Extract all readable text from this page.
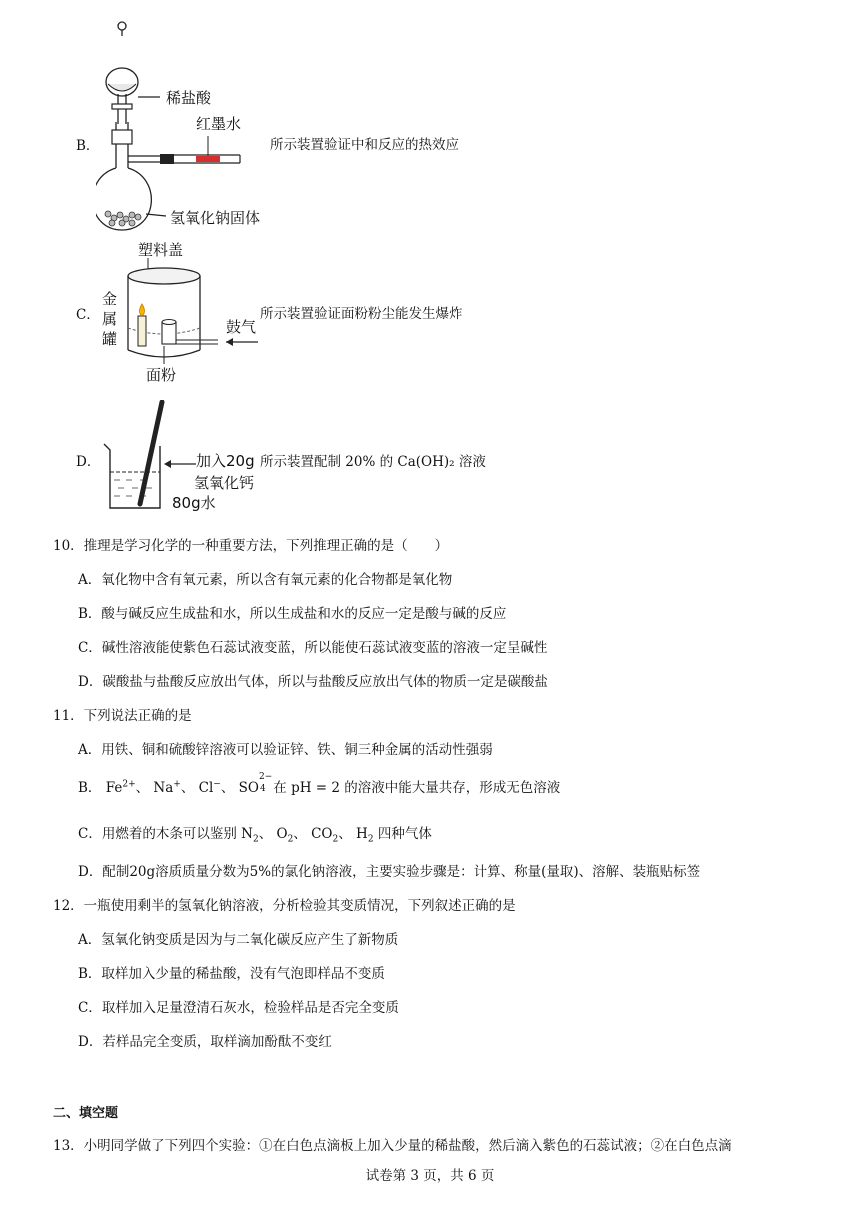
B．
稀盐酸
红墨水
氢氧化钠固体
所示装置验证中和反应的热效应
C．
塑料盖
金
属
罐
鼓气
面粉
所示装置验证面粉粉尘能发生爆炸
D．	加入20g
氢氧化钙
80g水
所示装置配制 20% 的 Ca(OH)₂ 溶液
10．推理是学习化学的一种重要方法，下列推理正确的是（　　）
A．氧化物中含有氧元素，所以含有氧元素的化合物都是氧化物
B．酸与碱反应生成盐和水，所以生成盐和水的反应一定是酸与碱的反应
C．碱性溶液能使紫色石蕊试液变蓝，所以能使石蕊试液变蓝的溶液一定呈碱性
D．碳酸盐与盐酸反应放出气体，所以与盐酸反应放出气体的物质一定是碳酸盐
11．下列说法正确的是
A．用铁、铜和硫酸锌溶液可以验证锌、铁、铜三种金属的活动性强弱
B． $Fe^{2+}$、 Na+、 Cl−、 SO
2−
4 在 pH = 2 的溶液中能大量共存，形成无色溶液
C．用燃着的木条可以鉴别 $N_2$、 $O_2$、 $CO_2$、 $H_2$ 四种气体
D．配制20g溶质质量分数为5%的氯化钠溶液，主要实验步骤是：计算、称量(量取)、溶解、装瓶贴标签
12．一瓶使用剩半的氢氧化钠溶液，分析检验其变质情况，下列叙述正确的是
A．氢氧化钠变质是因为与二氧化碳反应产生了新物质
B．取样加入少量的稀盐酸，没有气泡即样品不变质
C．取样加入足量澄清石灰水，检验样品是否完全变质
D．若样品完全变质，取样滴加酚酞不变红
二、填空题
13．小明同学做了下列四个实验：①在白色点滴板上加入少量的稀盐酸，然后滴入紫色的石蕊试液；②在白色点滴
试卷第 3 页，共 6 页
